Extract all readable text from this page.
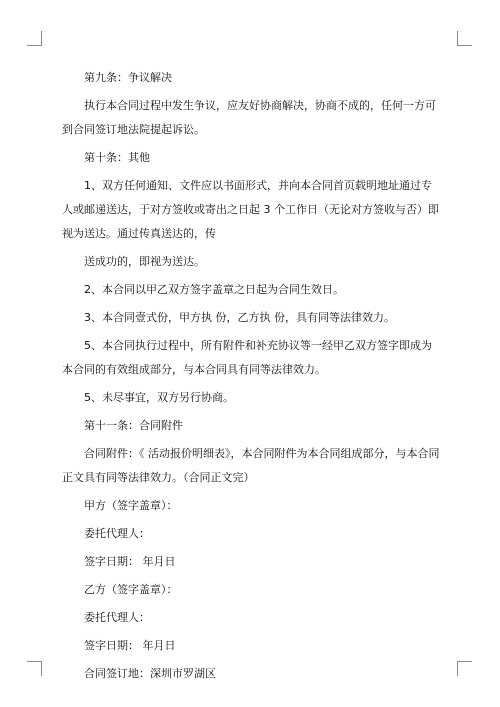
第九条：争议解决

执行本合同过程中发生争议，应友好协商解决，协商不成的，任何一方可到合同签订地法院提起诉讼。

第十条：其他

1、双方任何通知、文件应以书面形式，并向本合同首页载明地址通过专人或邮递送达，于对方签收或寄出之日起 3 个工作日（无论对方签收与否）即视为送达。通过传真送达的，传

送成功的，即视为送达。

2、本合同以甲乙双方签字盖章之日起为合同生效日。

3、本合同壹式份，甲方执 份，乙方执 份，具有同等法律效力。

5、本合同执行过程中，所有附件和补充协议等一经甲乙双方签字即成为本合同的有效组成部分，与本合同具有同等法律效力。

5、未尽事宜，双方另行协商。

第十一条：合同附件

合同附件：《 活动报价明细表》，本合同附件为本合同组成部分，与本合同正文具有同等法律效力。（合同正文完）

甲方（签字盖章）：

委托代理人：

签字日期： 年月日

乙方（签字盖章）：

委托代理人：

签字日期： 年月日

合同签订地：深圳市罗湖区
